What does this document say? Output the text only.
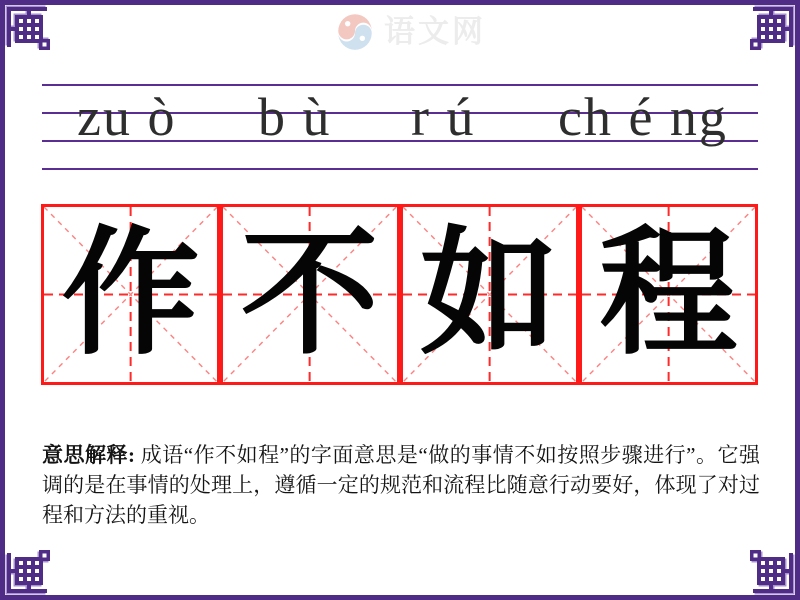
语文网
zu ò b ù r ú ch é ng
作 不 如 程

意思解释: 成语“作不如程”的字面意思是“做的事情不如按照步骤进行”。它强调的是在事情的处理上，遵循一定的规范和流程比随意行动要好，体现了对过程和方法的重视。
